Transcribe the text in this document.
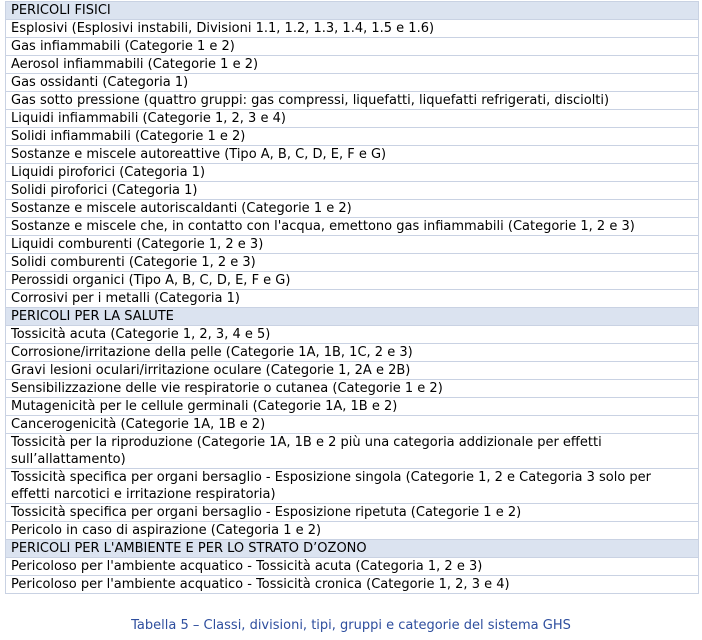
PERICOLI FISICI
Esplosivi (Esplosivi instabili, Divisioni 1.1, 1.2, 1.3, 1.4, 1.5 e 1.6)
Gas infiammabili (Categorie 1 e 2)
Aerosol infiammabili (Categorie 1 e 2)
Gas ossidanti (Categoria 1)
Gas sotto pressione (quattro gruppi: gas compressi, liquefatti, liquefatti refrigerati, disciolti)
Liquidi infiammabili (Categorie 1, 2, 3 e 4)
Solidi infiammabili (Categorie 1 e 2)
Sostanze e miscele autoreattive (Tipo A, B, C, D, E, F e G)
Liquidi piroforici (Categoria 1)
Solidi piroforici (Categoria 1)
Sostanze e miscele autoriscaldanti (Categorie 1 e 2)
Sostanze e miscele che, in contatto con l'acqua, emettono gas infiammabili (Categorie 1, 2 e 3)
Liquidi comburenti (Categorie 1, 2 e 3)
Solidi comburenti (Categorie 1, 2 e 3)
Perossidi organici (Tipo A, B, C, D, E, F e G)
Corrosivi per i metalli (Categoria 1)
PERICOLI PER LA SALUTE
Tossicità acuta (Categorie 1, 2, 3, 4 e 5)
Corrosione/irritazione della pelle (Categorie 1A, 1B, 1C, 2 e 3)
Gravi lesioni oculari/irritazione oculare (Categorie 1, 2A e 2B)
Sensibilizzazione delle vie respiratorie o cutanea (Categorie 1 e 2)
Mutagenicità per le cellule germinali (Categorie 1A, 1B e 2)
Cancerogenicità (Categorie 1A, 1B e 2)
Tossicità per la riproduzione (Categorie 1A, 1B e 2 più una categoria addizionale per effetti sull’allattamento)
Tossicità specifica per organi bersaglio - Esposizione singola (Categorie 1, 2 e Categoria 3 solo per effetti narcotici e irritazione respiratoria)
Tossicità specifica per organi bersaglio - Esposizione ripetuta (Categorie 1 e 2)
Pericolo in caso di aspirazione (Categoria 1 e 2)
PERICOLI PER L'AMBIENTE E PER LO STRATO D’OZONO
Pericoloso per l'ambiente acquatico - Tossicità acuta (Categoria 1, 2 e 3)
Pericoloso per l'ambiente acquatico - Tossicità cronica (Categorie 1, 2, 3 e 4)
Tabella 5 – Classi, divisioni, tipi, gruppi e categorie del sistema GHS
